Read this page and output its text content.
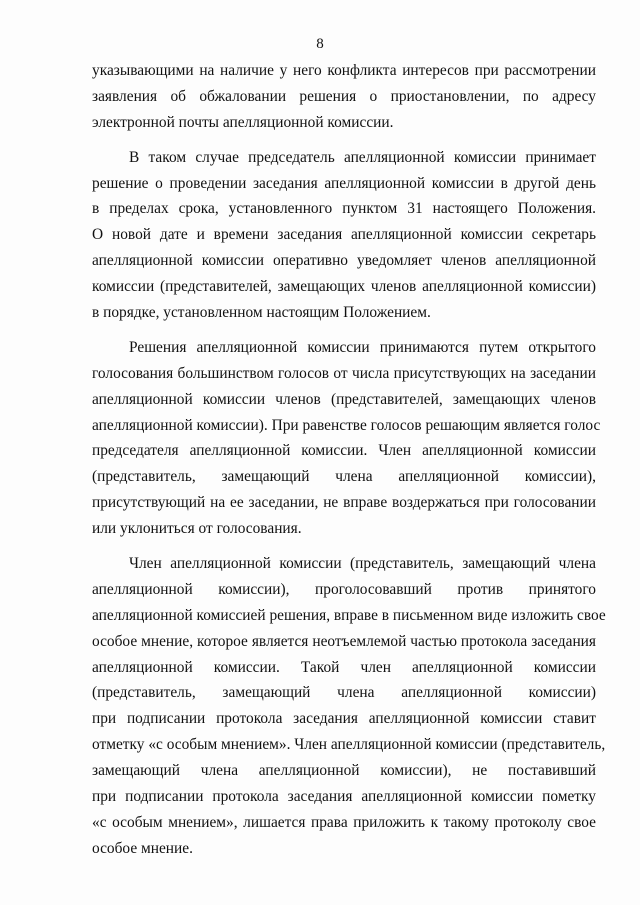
8
указывающими на наличие у него конфликта интересов при рассмотрении
заявления об обжаловании решения о приостановлении, по адресу
электронной почты апелляционной комиссии.
В таком случае председатель апелляционной комиссии принимает
решение о проведении заседания апелляционной комиссии в другой день
в пределах срока, установленного пунктом 31 настоящего Положения.
О новой дате и времени заседания апелляционной комиссии секретарь
апелляционной комиссии оперативно уведомляет членов апелляционной
комиссии (представителей, замещающих членов апелляционной комиссии)
в порядке, установленном настоящим Положением.
Решения апелляционной комиссии принимаются путем открытого
голосования большинством голосов от числа присутствующих на заседании
апелляционной комиссии членов (представителей, замещающих членов
апелляционной комиссии). При равенстве голосов решающим является голос
председателя апелляционной комиссии. Член апелляционной комиссии
(представитель, замещающий члена апелляционной комиссии),
присутствующий на ее заседании, не вправе воздержаться при голосовании
или уклониться от голосования.
Член апелляционной комиссии (представитель, замещающий члена
апелляционной комиссии), проголосовавший против принятого
апелляционной комиссией решения, вправе в письменном виде изложить свое
особое мнение, которое является неотъемлемой частью протокола заседания
апелляционной комиссии. Такой член апелляционной комиссии
(представитель, замещающий члена апелляционной комиссии)
при подписании протокола заседания апелляционной комиссии ставит
отметку «с особым мнением». Член апелляционной комиссии (представитель,
замещающий члена апелляционной комиссии), не поставивший
при подписании протокола заседания апелляционной комиссии пометку
«с особым мнением», лишается права приложить к такому протоколу свое
особое мнение.
